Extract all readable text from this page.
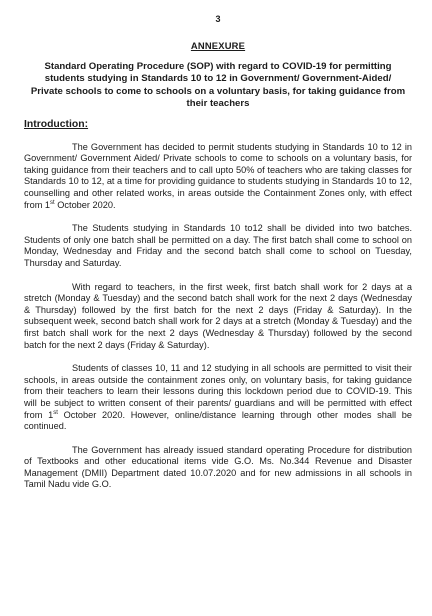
3
ANNEXURE
Standard Operating Procedure (SOP) with regard to COVID-19 for permitting students studying in Standards 10 to 12 in Government/ Government-Aided/ Private schools to come to schools on a voluntary basis, for taking guidance from their teachers
Introduction:

The Government has decided to permit students studying in Standards 10 to 12 in Government/ Government Aided/ Private schools to come to schools on a voluntary basis, for taking guidance from their teachers and to call upto 50% of teachers who are taking classes for Standards 10 to 12, at a time for providing guidance to students studying in Standards 10 to 12, counselling and other related works, in areas outside the Containment Zones only, with effect from 1st October 2020.

The Students studying in Standards 10 to12 shall be divided into two batches. Students of only one batch shall be permitted on a day. The first batch shall come to school on Monday, Wednesday and Friday and the second batch shall come to school on Tuesday, Thursday and Saturday.

With regard to teachers, in the first week, first batch shall work for 2 days at a stretch (Monday & Tuesday) and the second batch shall work for the next 2 days (Wednesday & Thursday) followed by the first batch for the next 2 days (Friday & Saturday). In the subsequent week, second batch shall work for 2 days at a stretch (Monday & Tuesday) and the first batch shall work for the next 2 days (Wednesday & Thursday) followed by the second batch for the next 2 days (Friday & Saturday).

Students of classes 10, 11 and 12 studying in all schools are permitted to visit their schools, in areas outside the containment zones only, on voluntary basis, for taking guidance from their teachers to learn their lessons during this lockdown period due to COVID-19. This will be subject to written consent of their parents/ guardians and will be permitted with effect from 1st October 2020. However, online/distance learning through other modes shall be continued.

The Government has already issued standard operating Procedure for distribution of Textbooks and other educational items vide G.O. Ms. No.344 Revenue and Disaster Management (DMII) Department dated 10.07.2020 and for new admissions in all schools in Tamil Nadu vide G.O.
